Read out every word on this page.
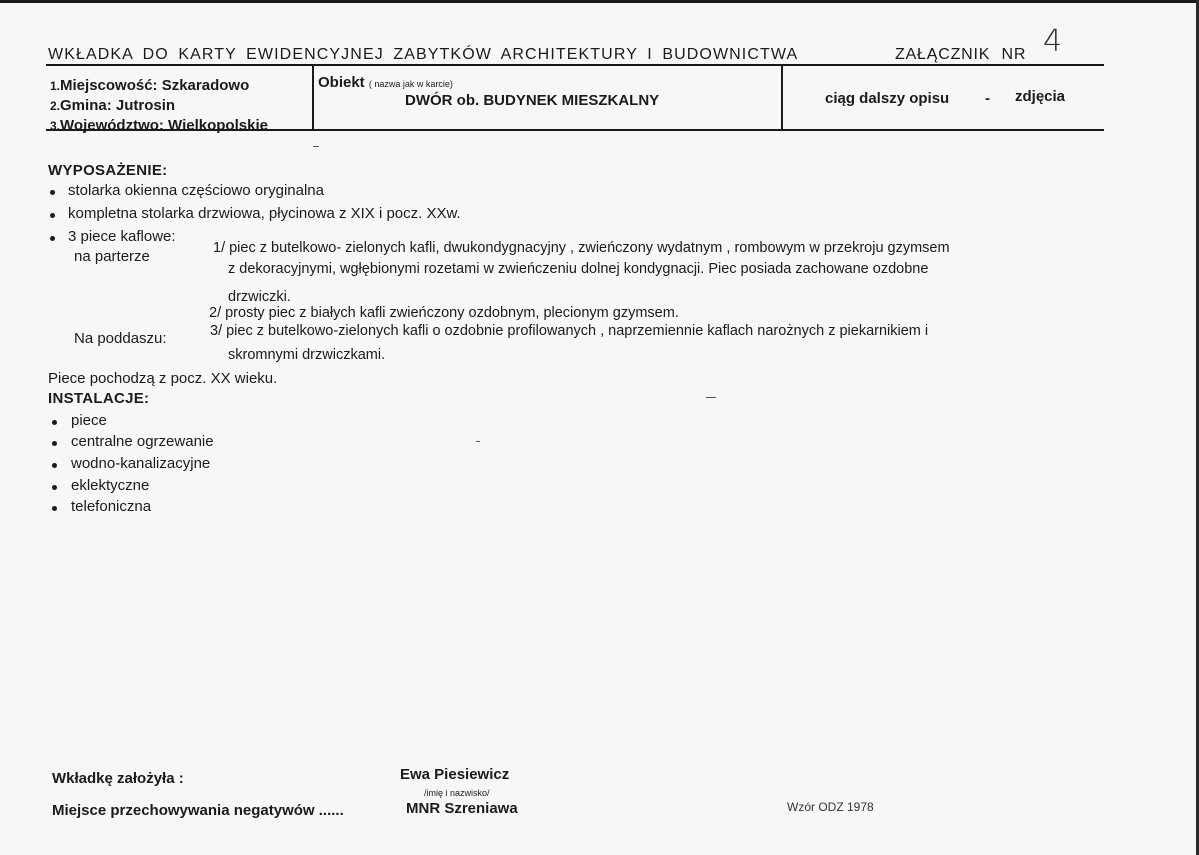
WKŁADKA DO KARTY EWIDENCYJNEJ ZABYTKÓW ARCHITEKTURY I BUDOWNICTWA	ZAŁĄCZNIK NR 4
1.Miejscowość: Szkaradowo
2.Gmina: Jutrosin
3.Województwo: Wielkopolskie
Obiekt ( nazwa jak w karcie)
DWÓR ob. BUDYNEK MIESZKALNY	ciąg dalszy opisu - zdjęcia
WYPOSAŻENIE:
stolarka okienna częściowo oryginalna
kompletna stolarka drzwiowa, płycinowa z XIX i pocz. XXw.
3 piece kaflowe:
na parterze	1/ piec z butelkowo- zielonych kafli, dwukondygnacyjny , zwieńczony wydatnym , rombowym w przekroju gzymsem
z dekoracyjnymi, wgłębionymi rozetami w zwieńczeniu dolnej kondygnacji. Piec posiada zachowane ozdobne
drzwiczki.
2/ prosty piec z białych kafli zwieńczony ozdobnym, plecionym gzymsem.
Na poddaszu:	3/ piec z butelkowo-zielonych kafli o ozdobnie profilowanych , naprzemiennie kaflach narożnych z piekarnikiem i
skromnymi drzwiczkami.
Piece pochodzą z pocz. XX wieku.
INSTALACJE:
piece
centralne ogrzewanie
wodno-kanalizacyjne
eklektyczne
telefoniczna
Wkładkę założyła :	Ewa Piesiewicz
/imię i nazwisko/
Miejsce przechowywania negatywów ......	MNR Szreniawa	Wzór ODZ 1978
